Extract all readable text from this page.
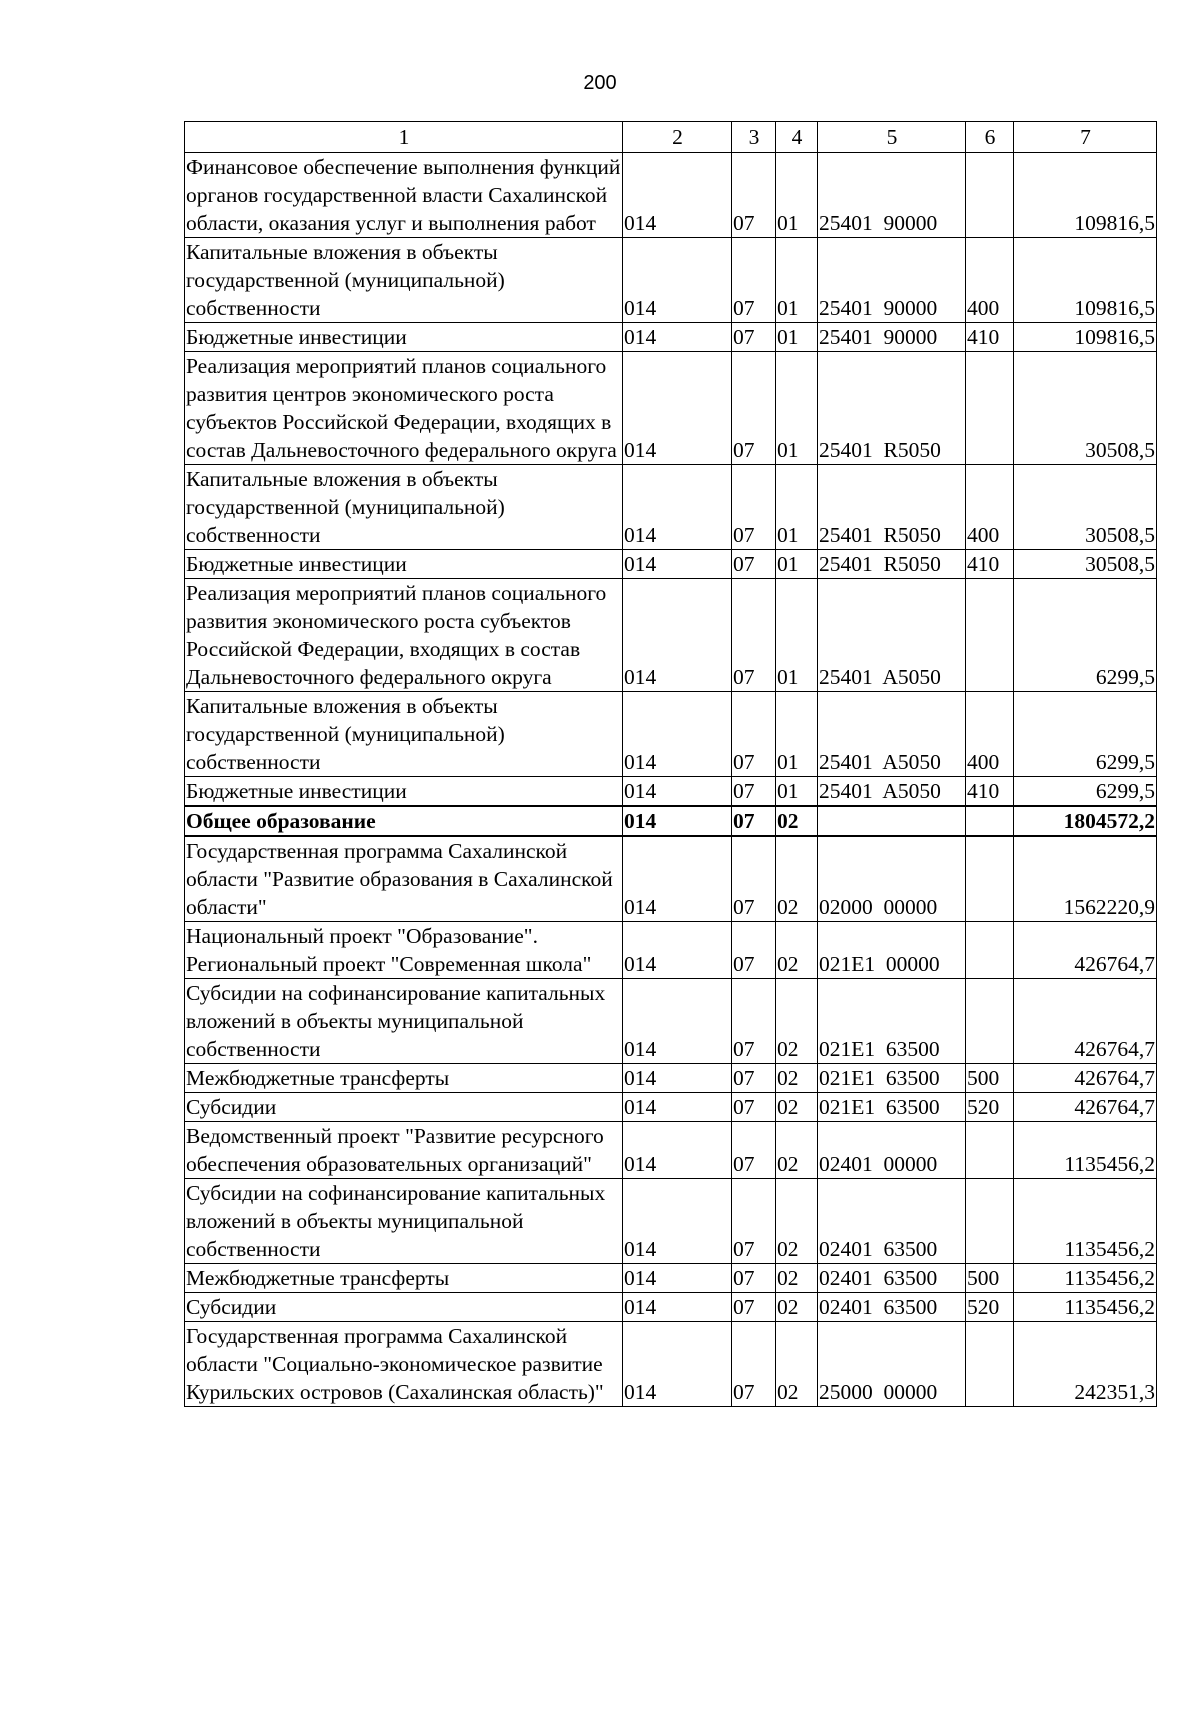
200
1	2	3	4	5	6	7
Финансовое обеспечение выполнения функций органов государственной власти Сахалинской области, оказания услуг и выполнения работ	014	07	01	25401  90000		109816,5
Капитальные вложения в объекты государственной (муниципальной) собственности	014	07	01	25401  90000	400	109816,5
Бюджетные инвестиции	014	07	01	25401  90000	410	109816,5
Реализация мероприятий планов социального развития центров экономического роста субъектов Российской Федерации, входящих в состав Дальневосточного федерального округа	014	07	01	25401  R5050		30508,5
Капитальные вложения в объекты государственной (муниципальной) собственности	014	07	01	25401  R5050	400	30508,5
Бюджетные инвестиции	014	07	01	25401  R5050	410	30508,5
Реализация мероприятий планов социального развития экономического роста субъектов Российской Федерации, входящих в состав Дальневосточного федерального округа	014	07	01	25401  A5050		6299,5
Капитальные вложения в объекты государственной (муниципальной) собственности	014	07	01	25401  A5050	400	6299,5
Бюджетные инвестиции	014	07	01	25401  A5050	410	6299,5
Общее образование	014	07	02			1804572,2
Государственная программа Сахалинской области "Развитие образования в Сахалинской области"	014	07	02	02000  00000		1562220,9
Национальный проект "Образование". Региональный проект "Современная школа"	014	07	02	021E1  00000		426764,7
Субсидии на софинансирование капитальных вложений в объекты муниципальной собственности	014	07	02	021E1  63500		426764,7
Межбюджетные трансферты	014	07	02	021E1  63500	500	426764,7
Субсидии	014	07	02	021E1  63500	520	426764,7
Ведомственный проект "Развитие ресурсного обеспечения образовательных организаций"	014	07	02	02401  00000		1135456,2
Субсидии на софинансирование капитальных вложений в объекты муниципальной собственности	014	07	02	02401  63500		1135456,2
Межбюджетные трансферты	014	07	02	02401  63500	500	1135456,2
Субсидии	014	07	02	02401  63500	520	1135456,2
Государственная программа Сахалинской области "Социально-экономическое развитие Курильских островов (Сахалинская область)"	014	07	02	25000  00000		242351,3
